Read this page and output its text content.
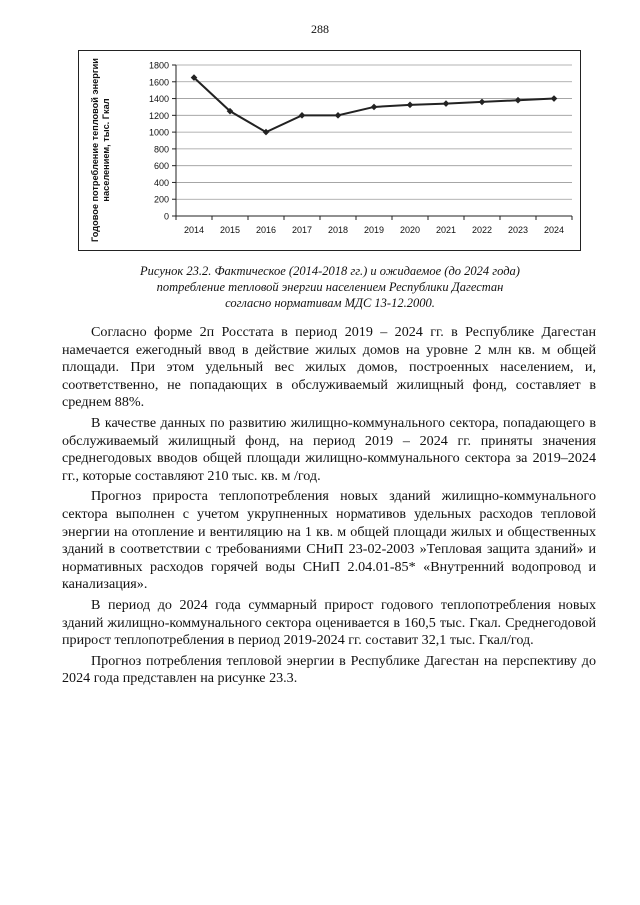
288
0
200
400
600
800
1000
1200
1400
1600
1800
2014 2015 2016 2017 2018 2019 2020 2021 2022 2023 2024
Годовое потребление тепловой энергии населением, тыс. Гкал
Рисунок 23.2. Фактическое (2014-2018 гг.) и ожидаемое (до 2024 года)
потребление тепловой энергии населением Республики Дагестан
согласно нормативам МДС 13-12.2000.

Согласно форме 2п Росстата в период 2019 – 2024 гг. в Республике Дагестан намечается ежегодный ввод в действие жилых домов на уровне 2 млн кв. м общей площади. При этом удельный вес жилых домов, построенных населением, и, соответственно, не попадающих в обслуживаемый жилищный фонд, составляет в среднем 88%.

В качестве данных по развитию жилищно-коммунального сектора, попадающего в обслуживаемый жилищный фонд, на период 2019 – 2024 гг. приняты значения среднегодовых вводов общей площади жилищно-коммунального сектора за 2019–2024 гг., которые составляют 210 тыс. кв. м /год.

Прогноз прироста теплопотребления новых зданий жилищно-коммунального сектора выполнен с учетом укрупненных нормативов удельных расходов тепловой энергии на отопление и вентиляцию на 1 кв. м общей площади жилых и общественных зданий в соответствии с требованиями СНиП 23-02-2003 »Тепловая защита зданий» и нормативных расходов горячей воды СНиП 2.04.01-85* «Внутренний водопровод и канализация».

В период до 2024 года суммарный прирост годового теплопотребления новых зданий жилищно-коммунального сектора оценивается в 160,5 тыс. Гкал. Среднегодовой прирост теплопотребления в период 2019-2024 гг. составит 32,1 тыс. Гкал/год.

Прогноз потребления тепловой энергии в Республике Дагестан на перспективу до 2024 года представлен на рисунке 23.3.
